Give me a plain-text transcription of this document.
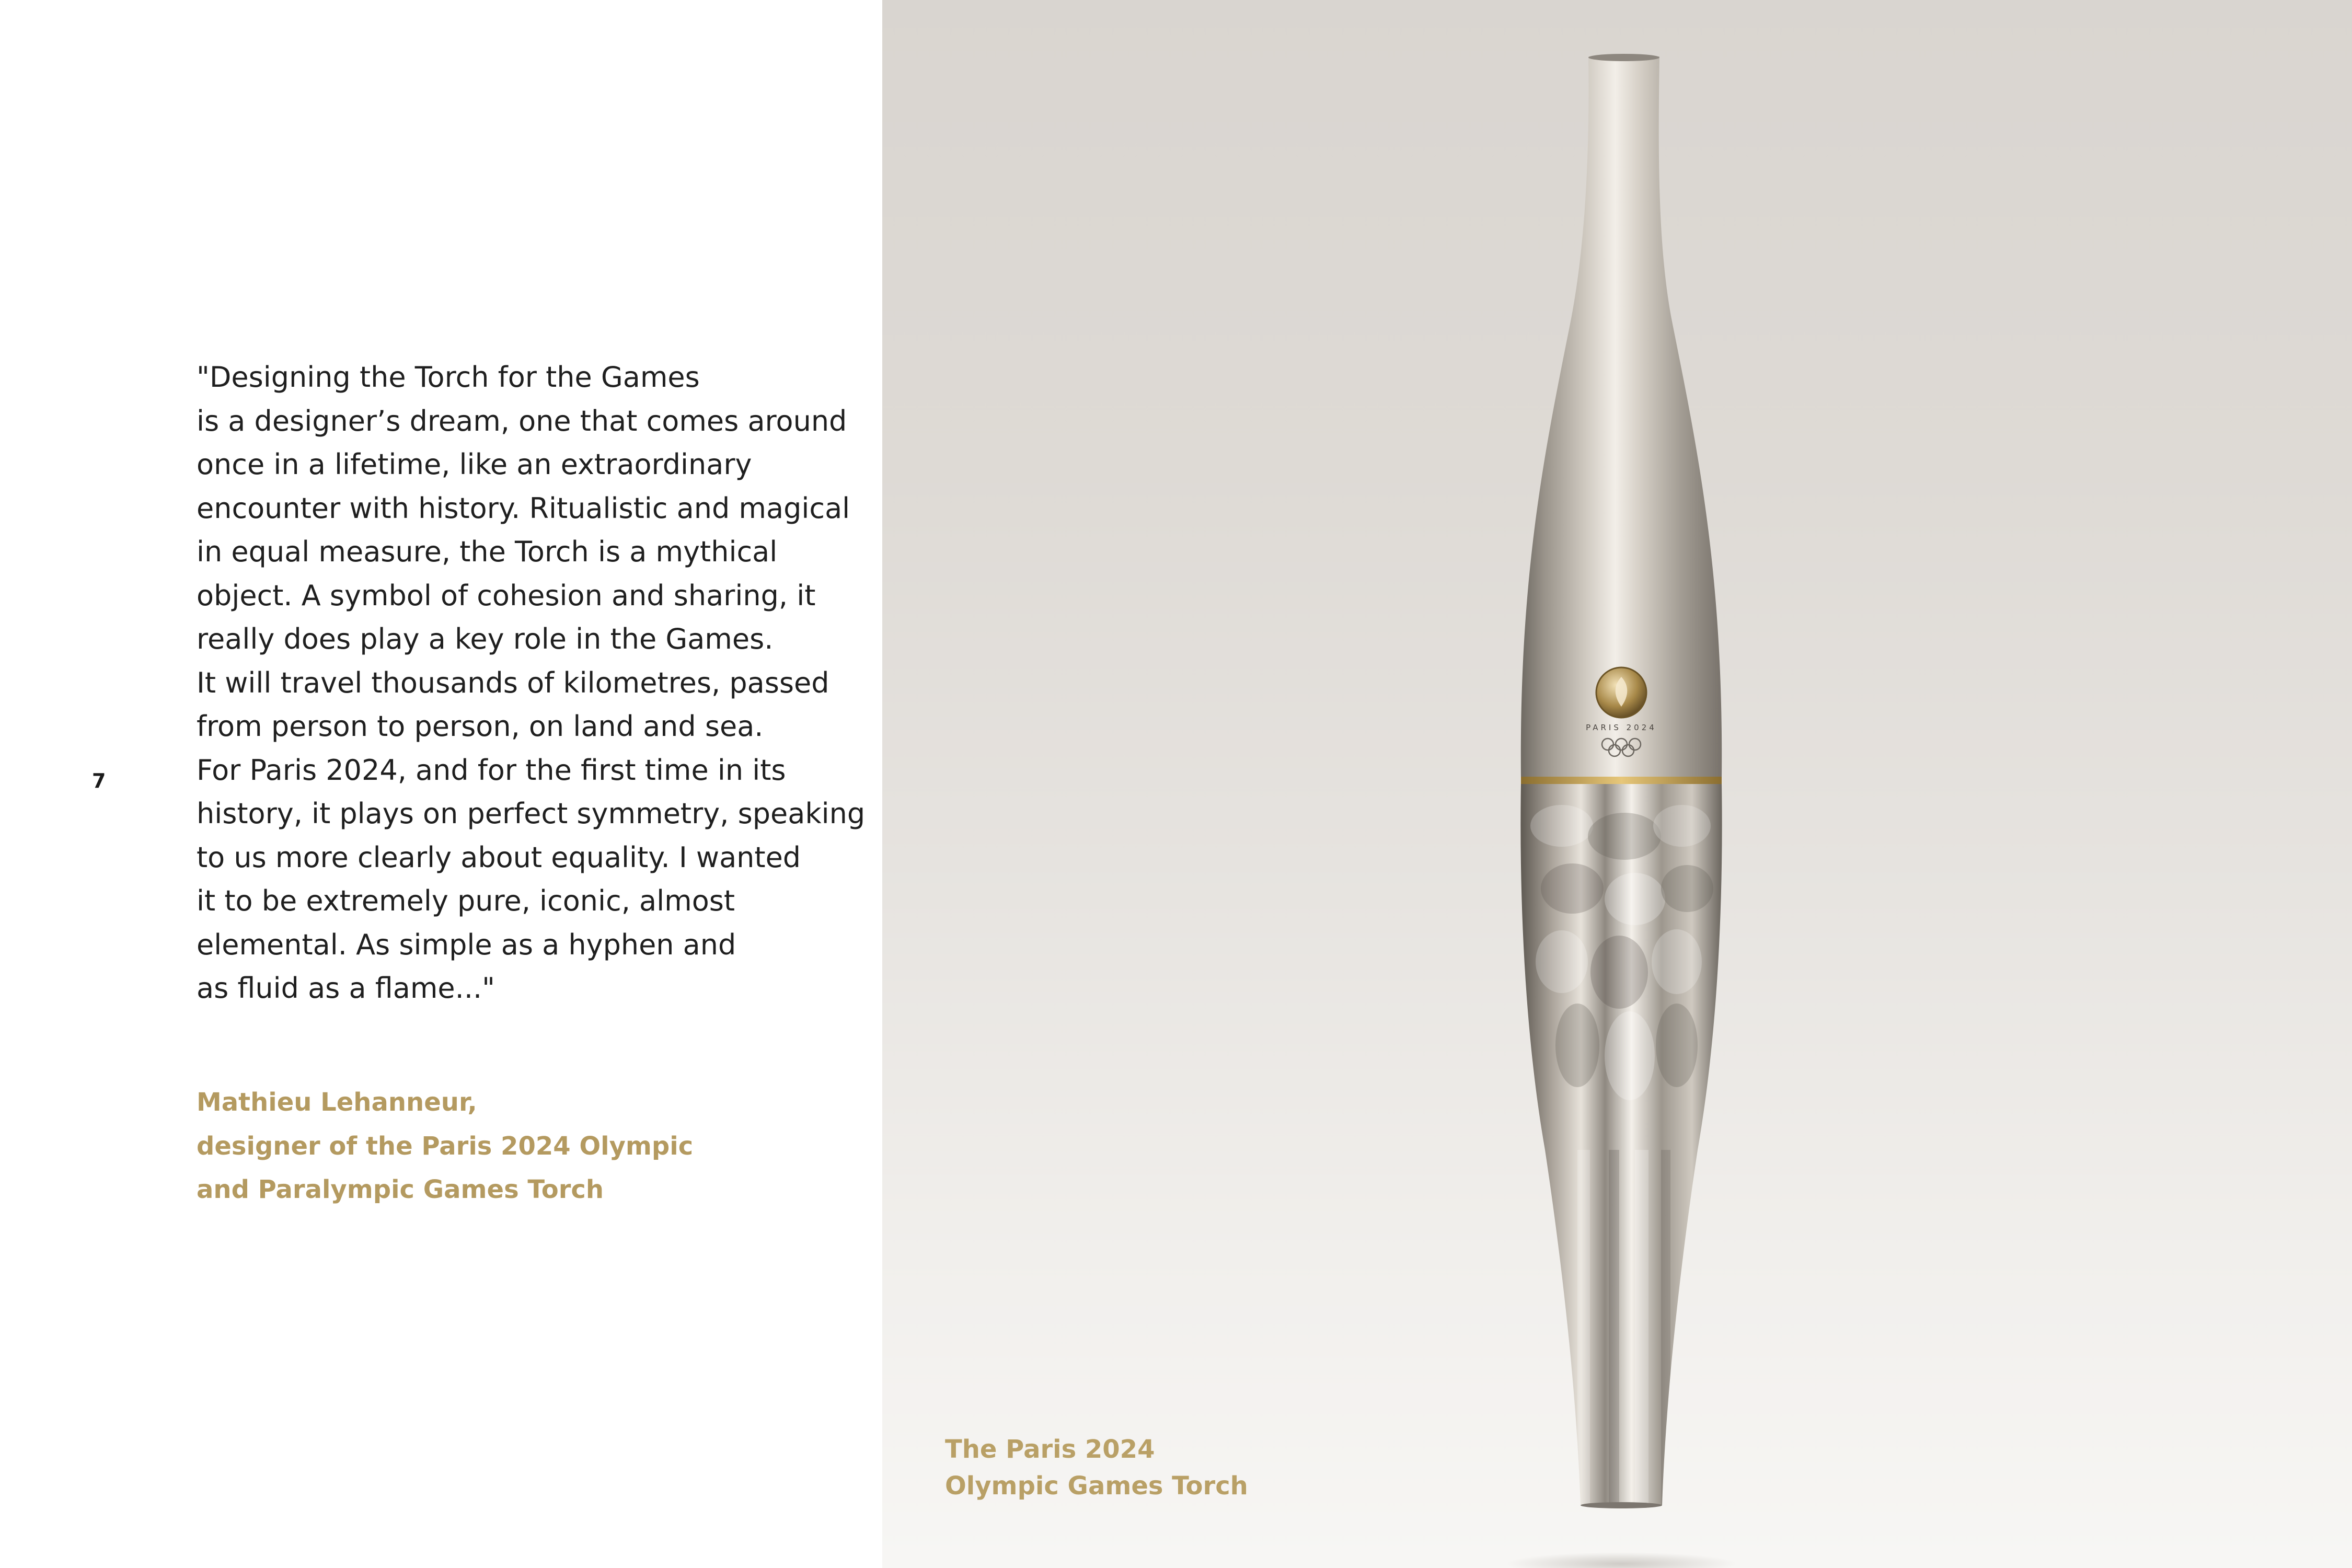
7
"Designing the Torch for the Games
is a designer’s dream, one that comes around
once in a lifetime, like an extraordinary
encounter with history. Ritualistic and magical
in equal measure, the Torch is a mythical
object. A symbol of cohesion and sharing, it
really does play a key role in the Games.
It will travel thousands of kilometres, passed
from person to person, on land and sea.
For Paris 2024, and for the first time in its
history, it plays on perfect symmetry, speaking
to us more clearly about equality. I wanted
it to be extremely pure, iconic, almost
elemental. As simple as a hyphen and
as fluid as a flame..."
Mathieu Lehanneur,
designer of the Paris 2024 Olympic
and Paralympic Games Torch
PARIS 2024
The Paris 2024
Olympic Games Torch
